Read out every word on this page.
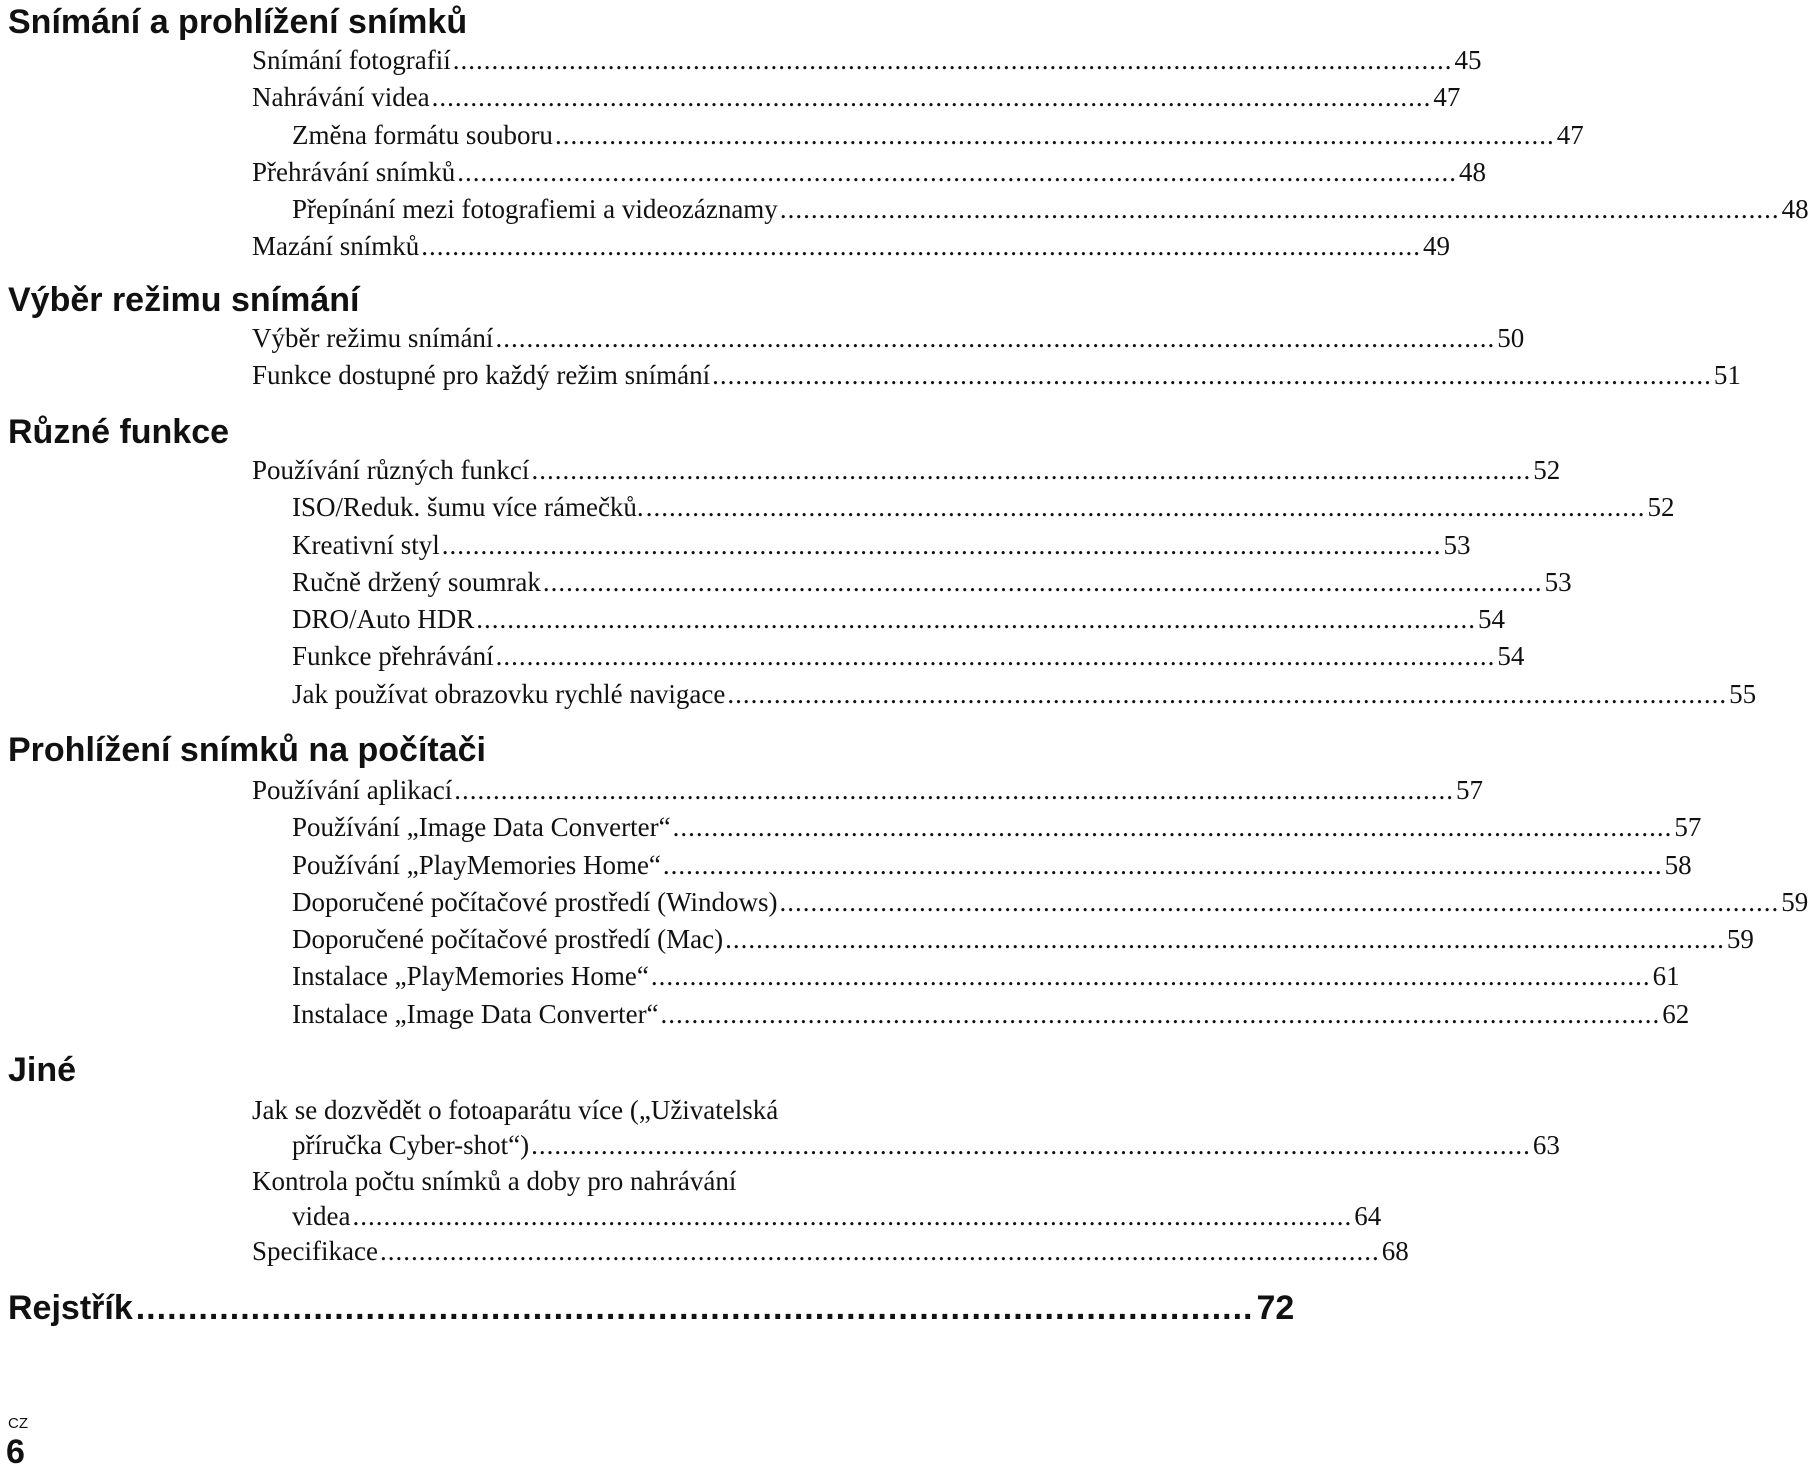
Snímání a prohlížení snímků
Snímání fotografií ................................................................................................................................. 45
Nahrávání videa ................................................................................................................................. 47
Změna formátu souboru ................................................................................................................................. 47
Přehrávání snímků ................................................................................................................................. 48
Přepínání mezi fotografiemi a videozáznamy ................................................................................................................................. 48
Mazání snímků ................................................................................................................................. 49
Výběr režimu snímání
Výběr režimu snímání ................................................................................................................................. 50
Funkce dostupné pro každý režim snímání ................................................................................................................................. 51
Různé funkce
Používání různých funkcí ................................................................................................................................. 52
ISO/Reduk. šumu více rámečků. ................................................................................................................................. 52
Kreativní styl ................................................................................................................................. 53
Ručně držený soumrak ................................................................................................................................. 53
DRO/Auto HDR ................................................................................................................................. 54
Funkce přehrávání ................................................................................................................................. 54
Jak používat obrazovku rychlé navigace ................................................................................................................................. 55
Prohlížení snímků na počítači
Používání aplikací ................................................................................................................................. 57
Používání „Image Data Converter“ ................................................................................................................................. 57
Používání „PlayMemories Home“ ................................................................................................................................. 58
Doporučené počítačové prostředí (Windows) ................................................................................................................................. 59
Doporučené počítačové prostředí (Mac) ................................................................................................................................. 59
Instalace „PlayMemories Home“ ................................................................................................................................. 61
Instalace „Image Data Converter“ ................................................................................................................................. 62
Jiné
Jak se dozvědět o fotoaparátu více („Uživatelská
příručka Cyber-shot“) ................................................................................................................................. 63
Kontrola počtu snímků a doby pro nahrávání
videa ................................................................................................................................. 64
Specifikace ................................................................................................................................. 68
Rejstřík ........................................................................................................... 72
CZ
6
